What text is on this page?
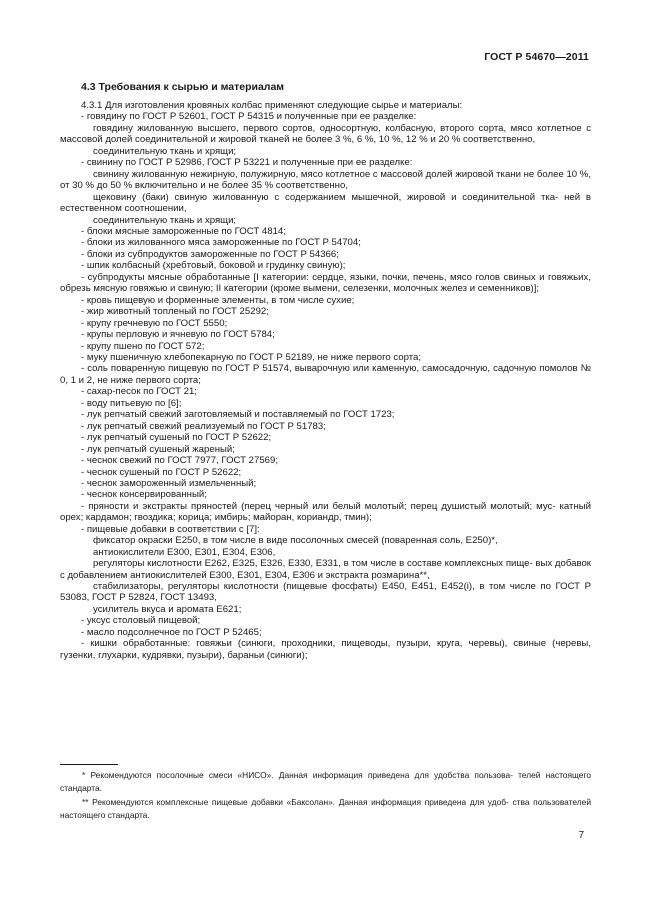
ГОСТ Р 54670—2011
4.3 Требования к сырью и материалам

4.3.1 Для изготовления кровяных колбас применяют следующие сырье и материалы:

- говядину по ГОСТ Р 52601, ГОСТ Р 54315 и полученные при ее разделке:

говядину жилованную высшего, первого сортов, односортную, колбасную, второго сорта, мясо котлетное с массовой долей соединительной и жировой тканей не более 3 %, 6 %, 10 %, 12 % и 20 % соответственно,

соединительную ткань и хрящи;

- свинину по ГОСТ Р 52986, ГОСТ Р 53221 и полученные при ее разделке:

свинину жилованную нежирную, полужирную, мясо котлетное с массовой долей жировой ткани не более 10 %, от 30 % до 50 % включительно и не более 35 % соответственно,

щековину (баки) свиную жилованную с содержанием мышечной, жировой и соединительной тка- ней в естественном соотношении,

соединительную ткань и хрящи;

- блоки мясные замороженные по ГОСТ 4814;

- блоки из жилованного мяса замороженные по ГОСТ Р 54704;

- блоки из субпродуктов замороженные по ГОСТ Р 54366;

- шпик колбасный (хребтовый, боковой и грудинку свиную);

- субпродукты мясные обработанные [I категории: сердце, языки, почки, печень, мясо голов свиных и говяжьих, обрезь мясную говяжью и свиную; II категории (кроме вымени, селезенки, молочных желез и семенников)];

- кровь пищевую и форменные элементы, в том числе сухие;

- жир животный топленый по ГОСТ 25292;

- крупу гречневую по ГОСТ 5550;

- крупы перловую и ячневую по ГОСТ 5784;

- крупу пшено по ГОСТ 572;

- муку пшеничную хлебопекарную по ГОСТ Р 52189, не ниже первого сорта;

- соль поваренную пищевую по ГОСТ Р 51574, выварочную или каменную, самосадочную, садочную помолов № 0, 1 и 2, не ниже первого сорта;

- сахар-песок по ГОСТ 21;

- воду питьевую по [6];

- лук репчатый свежий заготовляемый и поставляемый по ГОСТ 1723;

- лук репчатый свежий реализуемый по ГОСТ Р 51783;

- лук репчатый сушеный по ГОСТ Р 52622;

- лук репчатый сушеный жареный;

- чеснок свежий по ГОСТ 7977, ГОСТ 27569;

- чеснок сушеный по ГОСТ Р 52622;

- чеснок замороженный измельченный;

- чеснок консервированный;

- пряности и экстракты пряностей (перец черный или белый молотый; перец душистый молотый; мус- катный орех; кардамон; гвоздика; корица; имбирь; майоран, кориандр, тмин);

- пищевые добавки в соответствии с [7]:

фиксатор окраски Е250, в том числе в виде посолочных смесей (поваренная соль, Е250)*,

антиокислители Е300, Е301, Е304, Е306,

регуляторы кислотности Е262, Е325, Е326, Е330, Е331, в том числе в составе комплексных пище- вых добавок с добавлением антиокислителей Е300, Е301, Е304, Е306 и экстракта розмарина**,

стабилизаторы, регуляторы кислотности (пищевые фосфаты) Е450, Е451, Е452(i), в том числе по ГОСТ Р 53083, ГОСТ Р 52824, ГОСТ 13493,

усилитель вкуса и аромата Е621;

- уксус столовый пищевой;

- масло подсолнечное по ГОСТ Р 52465;

- кишки обработанные: говяжьи (синюги, проходники, пищеводы, пузыри, круга, черевы), свиные (черевы, гузенки, глухарки, кудрявки, пузыри), бараньи (синюги);

* Рекомендуются посолочные смеси «НИСО». Данная информация приведена для удобства пользова- телей настоящего стандарта.

** Рекомендуются комплексные пищевые добавки «Баксолан». Данная информация приведена для удоб- ства пользователей настоящего стандарта.

7
